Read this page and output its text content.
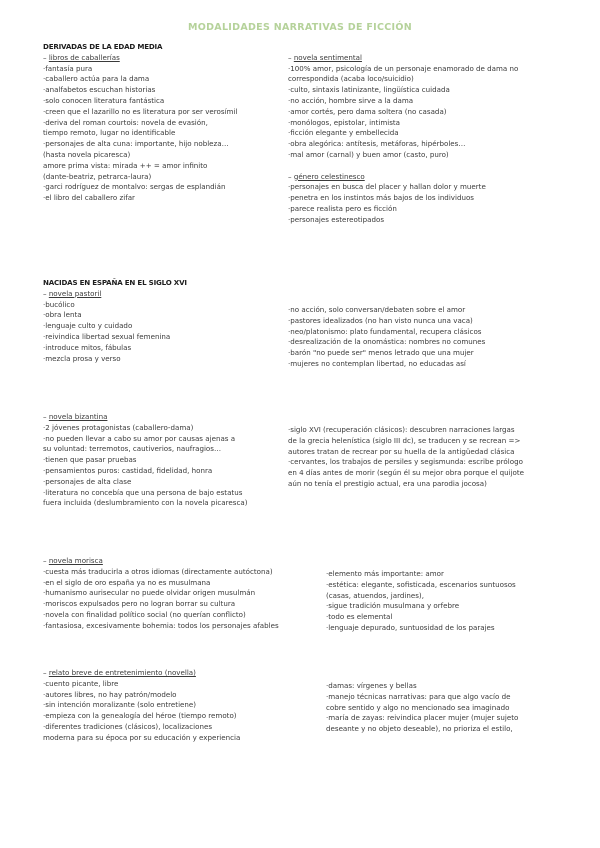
MODALIDADES NARRATIVAS DE FICCIÓN
DERIVADAS DE LA EDAD MEDIA
– libros de caballerías
·fantasía pura
·caballero actúa para la dama
·analfabetos escuchan historias
·solo conocen literatura fantástica
·creen que el lazarillo no es literatura por ser verosímil
·deriva del roman courtois: novela de evasión,
tiempo remoto, lugar no identificable
·personajes de alta cuna: importante, hijo nobleza…
(hasta novela picaresca)
amore prima vista: mirada ++ = amor infinito
(dante-beatriz, petrarca-laura)
·garci rodríguez de montalvo: sergas de esplandián
·el libro del caballero zifar
– novela sentimental
·100% amor, psicología de un personaje enamorado de dama no
correspondida (acaba loco/suicidio)
·culto, sintaxis latinizante, lingüística cuidada
·no acción, hombre sirve a la dama
·amor cortés, pero dama soltera (no casada)
·monólogos, epistolar, intimista
·ficción elegante y embellecida
·obra alegórica: antítesis, metáforas, hipérboles…
·mal amor (carnal) y buen amor (casto, puro)
– género celestinesco
·personajes en busca del placer y hallan dolor y muerte
·penetra en los instintos más bajos de los individuos
·parece realista pero es ficción
·personajes estereotipados
NACIDAS EN ESPAÑA EN EL SIGLO XVI
– novela pastoril
·bucólico
·obra lenta
·lenguaje culto y cuidado
·reivindica libertad sexual femenina
·introduce mitos, fábulas
·mezcla prosa y verso
·no acción, solo conversan/debaten sobre el amor
·pastores idealizados (no han visto nunca una vaca)
·neo/platonismo: plato fundamental, recupera clásicos
·desrealización de la onomástica: nombres no comunes
·barón "no puede ser" menos letrado que una mujer
·mujeres no contemplan libertad, no educadas así
– novela bizantina
·2 jóvenes protagonistas (caballero-dama)
·no pueden llevar a cabo su amor por causas ajenas a
su voluntad: terremotos, cautiverios, naufragios…
·tienen que pasar pruebas
·pensamientos puros: castidad, fidelidad, honra
·personajes de alta clase
·literatura no concebía que una persona de bajo estatus
fuera incluida (deslumbramiento con la novela picaresca)
·siglo XVI (recuperación clásicos): descubren narraciones largas
de la grecia helenística (siglo III dc), se traducen y se recrean =>
autores tratan de recrear por su huella de la antigüedad clásica
·cervantes, los trabajos de persiles y segismunda: escribe prólogo
en 4 días antes de morir (según él su mejor obra porque el quijote
aún no tenía el prestigio actual, era una parodia jocosa)
– novela morisca
·cuesta más traducirla a otros idiomas (directamente autóctona)
·en el siglo de oro españa ya no es musulmana
·humanismo aurisecular no puede olvidar origen musulmán
·moriscos expulsados pero no logran borrar su cultura
·novela con finalidad político social (no querían conflicto)
·fantasiosa, excesivamente bohemia: todos los personajes afables
·elemento más importante: amor
·estética: elegante, sofisticada, escenarios suntuosos
(casas, atuendos, jardines),
·sigue tradición musulmana y orfebre
·todo es elemental
·lenguaje depurado, suntuosidad de los parajes
– relato breve de entretenimiento (novella)
·cuento picante, libre
·autores libres, no hay patrón/modelo
·sin intención moralizante (solo entretiene)
·empieza con la genealogía del héroe (tiempo remoto)
·diferentes tradiciones (clásicos), localizaciones
moderna para su época por su educación y experiencia
·damas: vírgenes y bellas
·manejo técnicas narrativas: para que algo vacío de
cobre sentido y algo no mencionado sea imaginado
·maría de zayas: reivindica placer mujer (mujer sujeto
deseante y no objeto deseable), no prioriza el estilo,
